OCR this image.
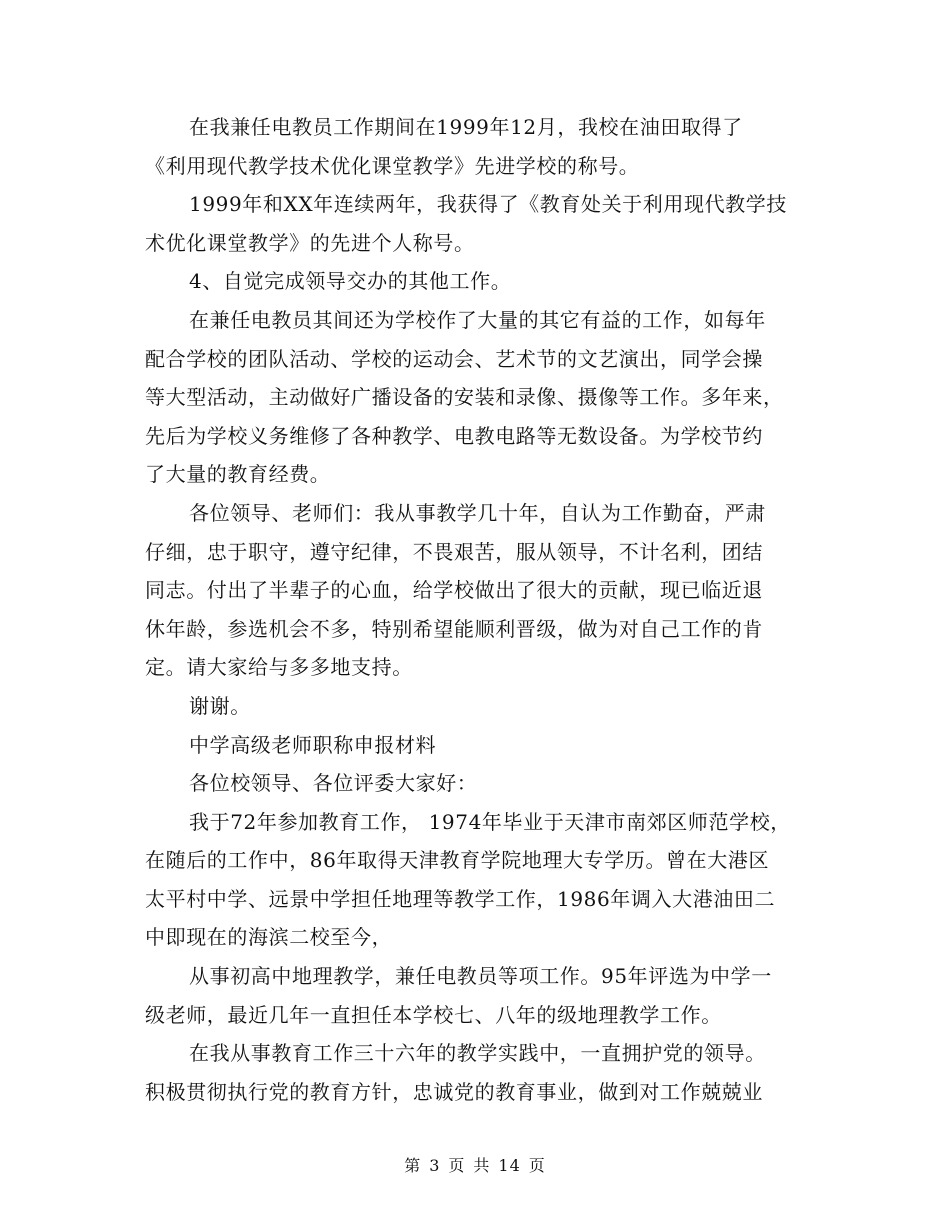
在我兼任电教员工作期间在1999年12月，我校在油田取得了
《利用现代教学技术优化课堂教学》先进学校的称号。
1999年和XX年连续两年，我获得了《教育处关于利用现代教学技
术优化课堂教学》的先进个人称号。
4、自觉完成领导交办的其他工作。
在兼任电教员其间还为学校作了大量的其它有益的工作，如每年
配合学校的团队活动、学校的运动会、艺术节的文艺演出，同学会操
等大型活动，主动做好广播设备的安装和录像、摄像等工作。多年来，
先后为学校义务维修了各种教学、电教电路等无数设备。为学校节约
了大量的教育经费。
各位领导、老师们：我从事教学几十年，自认为工作勤奋，严肃
仔细，忠于职守，遵守纪律，不畏艰苦，服从领导，不计名利，团结
同志。付出了半辈子的心血，给学校做出了很大的贡献，现已临近退
休年龄，参选机会不多，特别希望能顺利晋级，做为对自己工作的肯
定。请大家给与多多地支持。
谢谢。
中学高级老师职称申报材料
各位校领导、各位评委大家好：
我于72年参加教育工作， 1974年毕业于天津市南郊区师范学校，
在随后的工作中，86年取得天津教育学院地理大专学历。曾在大港区
太平村中学、远景中学担任地理等教学工作，1986年调入大港油田二
中即现在的海滨二校至今，
从事初高中地理教学，兼任电教员等项工作。95年评选为中学一
级老师，最近几年一直担任本学校七、八年的级地理教学工作。
在我从事教育工作三十六年的教学实践中，一直拥护党的领导。
积极贯彻执行党的教育方针，忠诚党的教育事业，做到对工作兢兢业
第 3 页 共 14 页
